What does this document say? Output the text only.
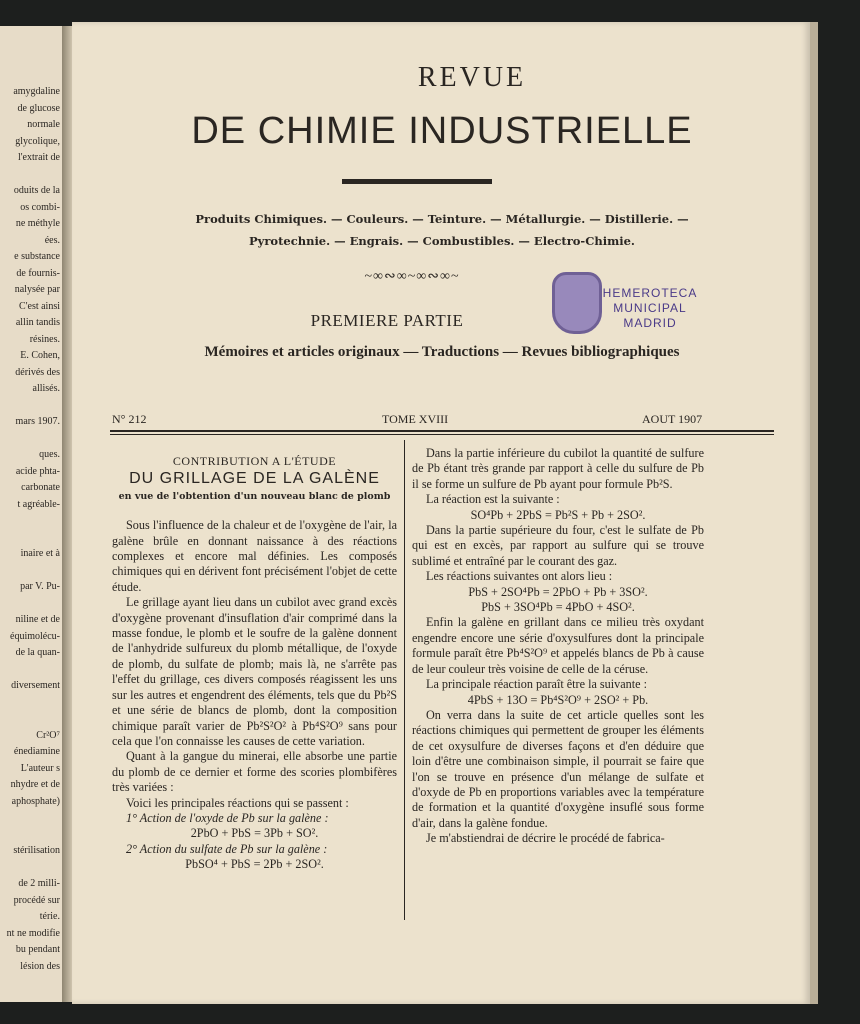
amygdaline
de glucose
normale
glycolique,
l'extrait de
oduits de la
os combi-
ne méthyle
ées.
e substance
de fournis-
nalysée par
C'est ainsi
allin tandis
résines.
E. Cohen,
dérivés des
allisés.
mars 1907.
ques.
acide phta-
carbonate
t agréable-
inaire et à
par V. Pu-
niline et de
équimolécu-
de la quan-
diversement
Cr²O⁷
énediamine
L'auteur s
nhydre et de
aphosphate)
stérilisation
de 2 milli-
procédé sur
térie.
nt ne modifie
bu pendant
lésion des
REVUE
DE CHIMIE INDUSTRIELLE
Produits Chimiques. — Couleurs. — Teinture. — Métallurgie. — Distillerie. —
Pyrotechnie. — Engrais. — Combustibles. — Electro-Chimie.
~∞∾∞~∞∾∞~
HEMEROTECA
MUNICIPAL
MADRID
PREMIERE PARTIE
Mémoires et articles originaux — Traductions — Revues bibliographiques
N° 212	TOME XVIII	AOUT 1907
CONTRIBUTION A L'ÉTUDE
DU GRILLAGE DE LA GALÈNE
en vue de l'obtention d'un nouveau blanc de plomb

Sous l'influence de la chaleur et de l'oxygène de l'air, la galène brûle en donnant naissance à des réactions complexes et encore mal définies. Les composés chimiques qui en dérivent font précisément l'objet de cette étude.

Le grillage ayant lieu dans un cubilot avec grand excès d'oxygène provenant d'insuflation d'air comprimé dans la masse fondue, le plomb et le soufre de la galène donnent de l'anhydride sulfureux du plomb métallique, de l'oxyde de plomb, du sulfate de plomb; mais là, ne s'arrête pas l'effet du grillage, ces divers composés réagissent les uns sur les autres et engendrent des éléments, tels que du Pb²S et une série de blancs de plomb, dont la composition chimique paraît varier de Pb²S²O² à Pb⁴S²O⁹ sans pour cela que l'on connaisse les causes de cette variation.

Quant à la gangue du minerai, elle absorbe une partie du plomb de ce dernier et forme des scories plombifères très variées :

Voici les principales réactions qui se passent :

1° Action de l'oxyde de Pb sur la galène :

2PbO + PbS = 3Pb + SO².

2° Action du sulfate de Pb sur la galène :

PbSO⁴ + PbS = 2Pb + 2SO².

Dans la partie inférieure du cubilot la quantité de sulfure de Pb étant très grande par rapport à celle du sulfure de Pb il se forme un sulfure de Pb ayant pour formule Pb²S.

La réaction est la suivante :

SO⁴Pb + 2PbS = Pb²S + Pb + 2SO².

Dans la partie supérieure du four, c'est le sulfate de Pb qui est en excès, par rapport au sulfure qui se trouve sublimé et entraîné par le courant des gaz.

Les réactions suivantes ont alors lieu :

PbS + 2SO⁴Pb = 2PbO + Pb + 3SO².

PbS + 3SO⁴Pb = 4PbO + 4SO².

Enfin la galène en grillant dans ce milieu très oxydant engendre encore une série d'oxysulfures dont la principale formule paraît être Pb⁴S²O⁹ et appelés blancs de Pb à cause de leur couleur très voisine de celle de la céruse.

La principale réaction paraît être la suivante :

4PbS + 13O = Pb⁴S²O⁹ + 2SO² + Pb.

On verra dans la suite de cet article quelles sont les réactions chimiques qui permettent de grouper les éléments de cet oxysulfure de diverses façons et d'en déduire que loin d'être une combinaison simple, il pourrait se faire que l'on se trouve en présence d'un mélange de sulfate et d'oxyde de Pb en proportions variables avec la température de formation et la quantité d'oxygène insuflé sous forme d'air, dans la galène fondue.

Je m'abstiendrai de décrire le procédé de fabrica-
